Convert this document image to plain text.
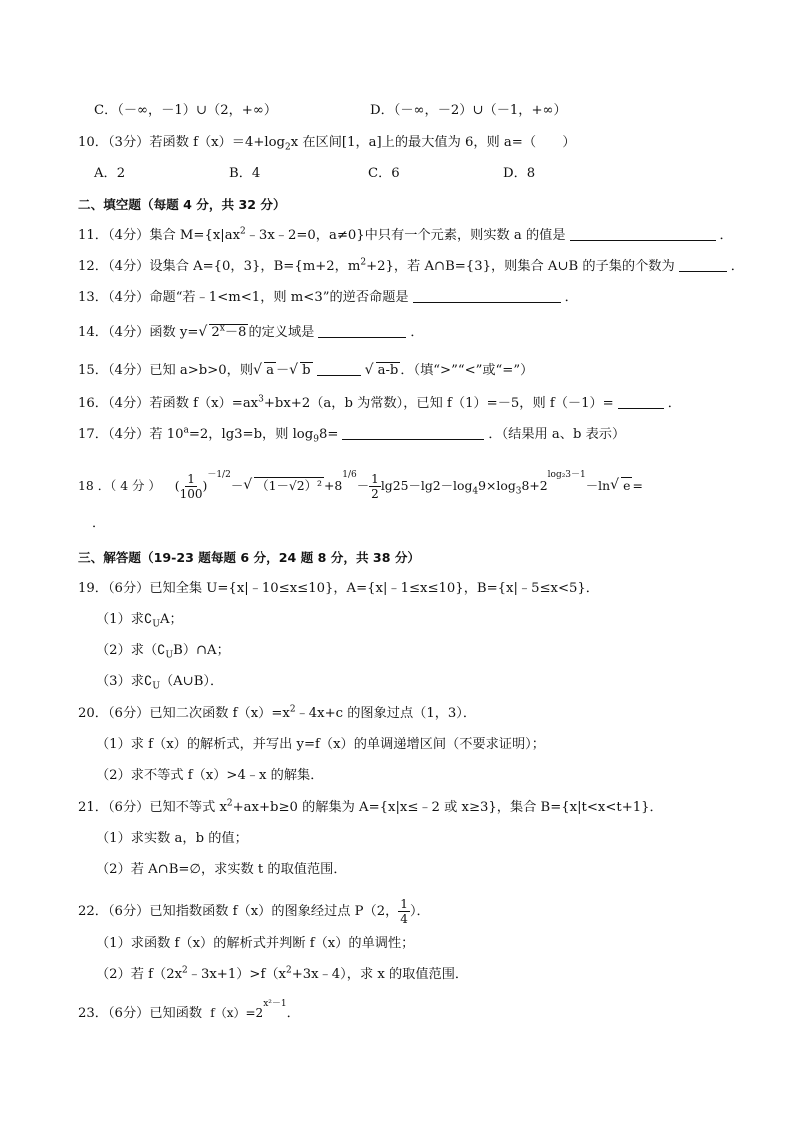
C．（－∞，－1）∪（2，+∞）	D．（－∞，－2）∪（－1，+∞）
10．（3分）若函数 $f(x)=4+\log_2x$ 在区间[1，a]上的最大值为 6，则 a=（　　）
A．2	B．4	C．6	D．8
二、填空题（每题 4 分，共 32 分）
11．（4分）集合 $M=\{x|ax^2﹣3x﹣2=0$，a≠0}中只有一个元素，则实数 a 的值是	．
12．（4分）设集合 A={0，3}，B={m+2，$m^2+2$}，若 A∩B={3}，则集合 A∪B 的子集的个数为	．
13．（4分）命题“若﹣1<m<1，则 m<3”的逆否命题是	．
14．（4分）函数 y=√ $2^x-8$ 的定义域是	．
15．（4分）已知 a>b>0，则√ a －√ b√	a-b ．（填“>”“<”或“=”）
16．（4分）若函数 $f(x)=ax^3+bx+2(a$，b 为常数），已知 f（1）=－5，则 f（－1）=	．
17．（4分）若 $10^a=2$，lg3=b，则 $\log_98=$	．（结果用 a、b 表示）
18 ．（ 4 分 ） ( $\frac{1}{100} )^{-1/2}-√$ $(1-√2)^2 +8^{1/6}- \frac{1}{2} \lg 25-\lg 2-\log_49\times\log_38+2^{log_23-1}-\ln√$ e =
．
三、解答题（19-23 题每题 6 分，24 题 8 分，共 38 分）
19．（6分）已知全集 U={x|﹣10≤x≤10}，A={x|﹣1≤x≤10}，B={x|﹣5≤x<5}．
（1）求$∁_UA$；
（2）求$(∁_UB)\cap A$；
（3）求$∁_U(A\cup B)$．
20．（6分）已知二次函数 $f(x)=x^2﹣4x+c$ 的图象过点（1，3）．
（1）求 f（x）的解析式，并写出 y=f（x）的单调递增区间（不要求证明）；
（2）求不等式 f（x）>4﹣x 的解集．
21．（6分）已知不等式 $x^2+ax+b\ge 0$ 的解集为 A={x|x≤﹣2 或 x≥3}，集合 B={x|t<x<t+1}．
（1）求实数 a，b 的值；
（2）若 A∩B=∅，求实数 t 的取值范围．
22．（6分）已知指数函数 f（x）的图象经过点 P（2， $\frac{1}{4}$ ）．
（1）求函数 f（x）的解析式并判断 f（x）的单调性；
（2）若 $f(2x^2﹣3x+1)>f(x^2+3x﹣4)$，求 x 的取值范围．
23．（6分）已知函数 $f(x)=2^{x^2-1}$．
